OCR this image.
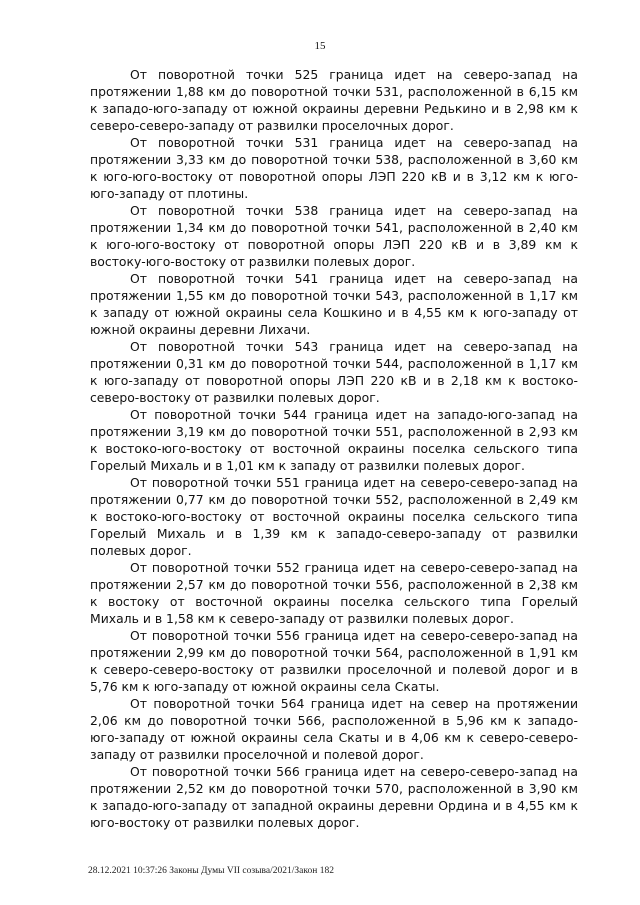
15

От поворотной точки 525 граница идет на северо-запад на протяжении 1,88 км до поворотной точки 531, расположенной в 6,15 км к западо-юго-западу от южной окраины деревни Редькино и в 2,98 км к северо-северо-западу от развилки проселочных дорог.

От поворотной точки 531 граница идет на северо-запад на протяжении 3,33 км до поворотной точки 538, расположенной в 3,60 км к юго-юго-востоку от поворотной опоры ЛЭП 220 кВ и в 3,12 км к юго-юго-западу от плотины.

От поворотной точки 538 граница идет на северо-запад на протяжении 1,34 км до поворотной точки 541, расположенной в 2,40 км к юго-юго-востоку от поворотной опоры ЛЭП 220 кВ и в 3,89 км к востоку-юго-востоку от развилки полевых дорог.

От поворотной точки 541 граница идет на северо-запад на протяжении 1,55 км до поворотной точки 543, расположенной в 1,17 км к западу от южной окраины села Кошкино и в 4,55 км к юго-западу от южной окраины деревни Лихачи.

От поворотной точки 543 граница идет на северо-запад на протяжении 0,31 км до поворотной точки 544, расположенной в 1,17 км к юго-западу от поворотной опоры ЛЭП 220 кВ и в 2,18 км к востоко-северо-востоку от развилки полевых дорог.

От поворотной точки 544 граница идет на западо-юго-запад на протяжении 3,19 км до поворотной точки 551, расположенной в 2,93 км к востоко-юго-востоку от восточной окраины поселка сельского типа Горелый Михаль и в 1,01 км к западу от развилки полевых дорог.

От поворотной точки 551 граница идет на северо-северо-запад на протяжении 0,77 км до поворотной точки 552, расположенной в 2,49 км к востоко-юго-востоку от восточной окраины поселка сельского типа Горелый Михаль и в 1,39 км к западо-северо-западу от развилки полевых дорог.

От поворотной точки 552 граница идет на северо-северо-запад на протяжении 2,57 км до поворотной точки 556, расположенной в 2,38 км к востоку от восточной окраины поселка сельского типа Горелый Михаль и в 1,58 км к северо-западу от развилки полевых дорог.

От поворотной точки 556 граница идет на северо-северо-запад на протяжении 2,99 км до поворотной точки 564, расположенной в 1,91 км к северо-северо-востоку от развилки проселочной и полевой дорог и в 5,76 км к юго-западу от южной окраины села Скаты.

От поворотной точки 564 граница идет на север на протяжении 2,06 км до поворотной точки 566, расположенной в 5,96 км к западо-юго-западу от южной окраины села Скаты и в 4,06 км к северо-северо-западу от развилки проселочной и полевой дорог.

От поворотной точки 566 граница идет на северо-северо-запад на протяжении 2,52 км до поворотной точки 570, расположенной в 3,90 км к западо-юго-западу от западной окраины деревни Ордина и в 4,55 км к юго-востоку от развилки полевых дорог.

28.12.2021 10:37:26 Законы Думы VII созыва/2021/Закон 182
